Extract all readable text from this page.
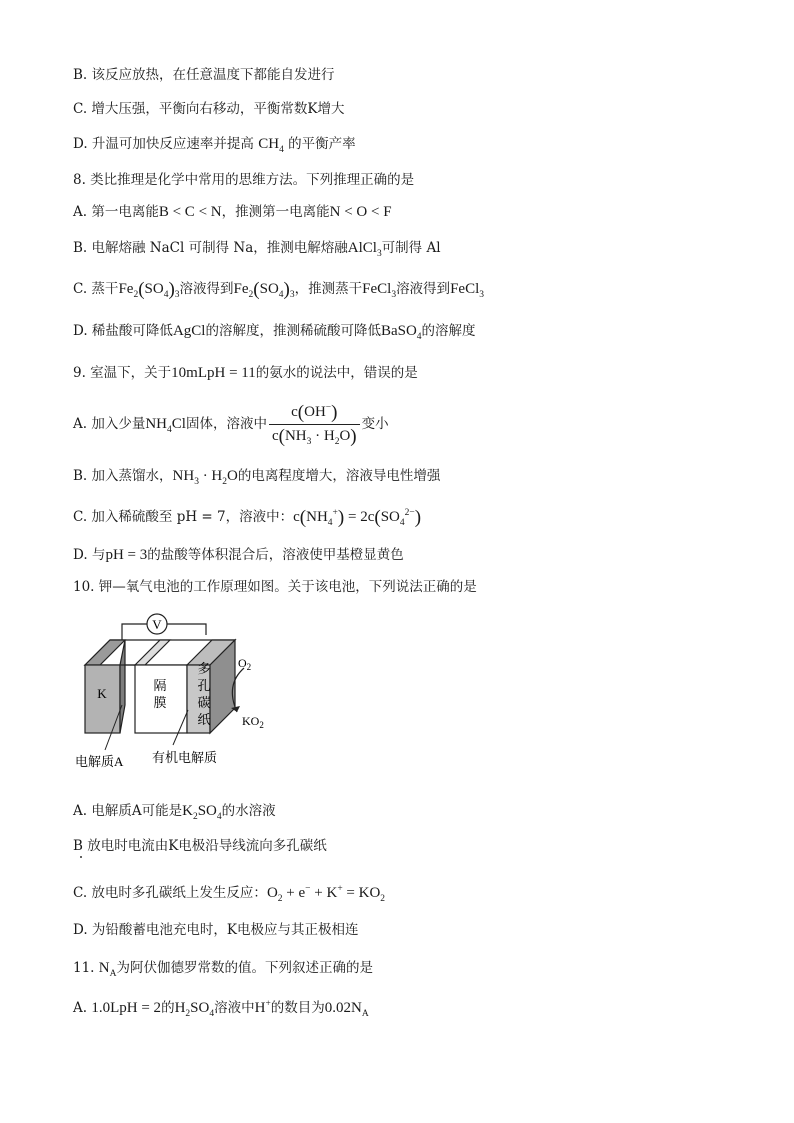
B. 该反应放热，在任意温度下都能自发进行
C. 增大压强，平衡向右移动，平衡常数K增大
D. 升温可加快反应速率并提高 $CH_4$ 的平衡产率
8. 类比推理是化学中常用的思维方法。下列推理正确的是
A. 第一电离能B < C < N，推测第一电离能N < O < F
B. 电解熔融 NaCl 可制得 Na，推测电解熔融AlCl$_3$可制得 Al
C. 蒸干$Fe_2(SO_4)_3$溶液得到$Fe_2(SO_4)_3$，推测蒸干FeCl$_3$溶液得到FeCl$_3$
D. 稀盐酸可降低AgCl的溶解度，推测稀硫酸可降低BaSO$_4$的溶解度
9. 室温下，关于10mLpH = 11的氨水的说法中，错误的是
A. 加入少量$NH_4Cl$固体，溶液中 $\frac{c(OH^-)}{c(NH_3 \cdot H_2O)}$ 变小
B. 加入蒸馏水，$NH_3 \cdot H_2O$的电离程度增大，溶液导电性增强
C. 加入稀硫酸至 pH = 7，溶液中：$c(NH_4^+) = 2c(SO_4^{2-})$
D. 与pH = 3的盐酸等体积混合后，溶液使甲基橙显黄色
10. 钾—氧气电池的工作原理如图。关于该电池，下列说法正确的是
V
K
隔
膜
多
孔
碳
纸
$O_2$
$KO_2$
电解质A 有机电解质
A. 电解质A可能是$K_2SO_4$的水溶液
B 放电时电流由K电极沿导线流向多孔碳纸
C. 放电时多孔碳纸上发生反应：$O_2 + e^- + K^+ = KO_2$
D. 为铅酸蓄电池充电时，K电极应与其正极相连
11. $N_A$为阿伏伽德罗常数的值。下列叙述正确的是
A. 1.0LpH = 2的$H_2SO_4$溶液中H+的数目为$0.02N_A$
